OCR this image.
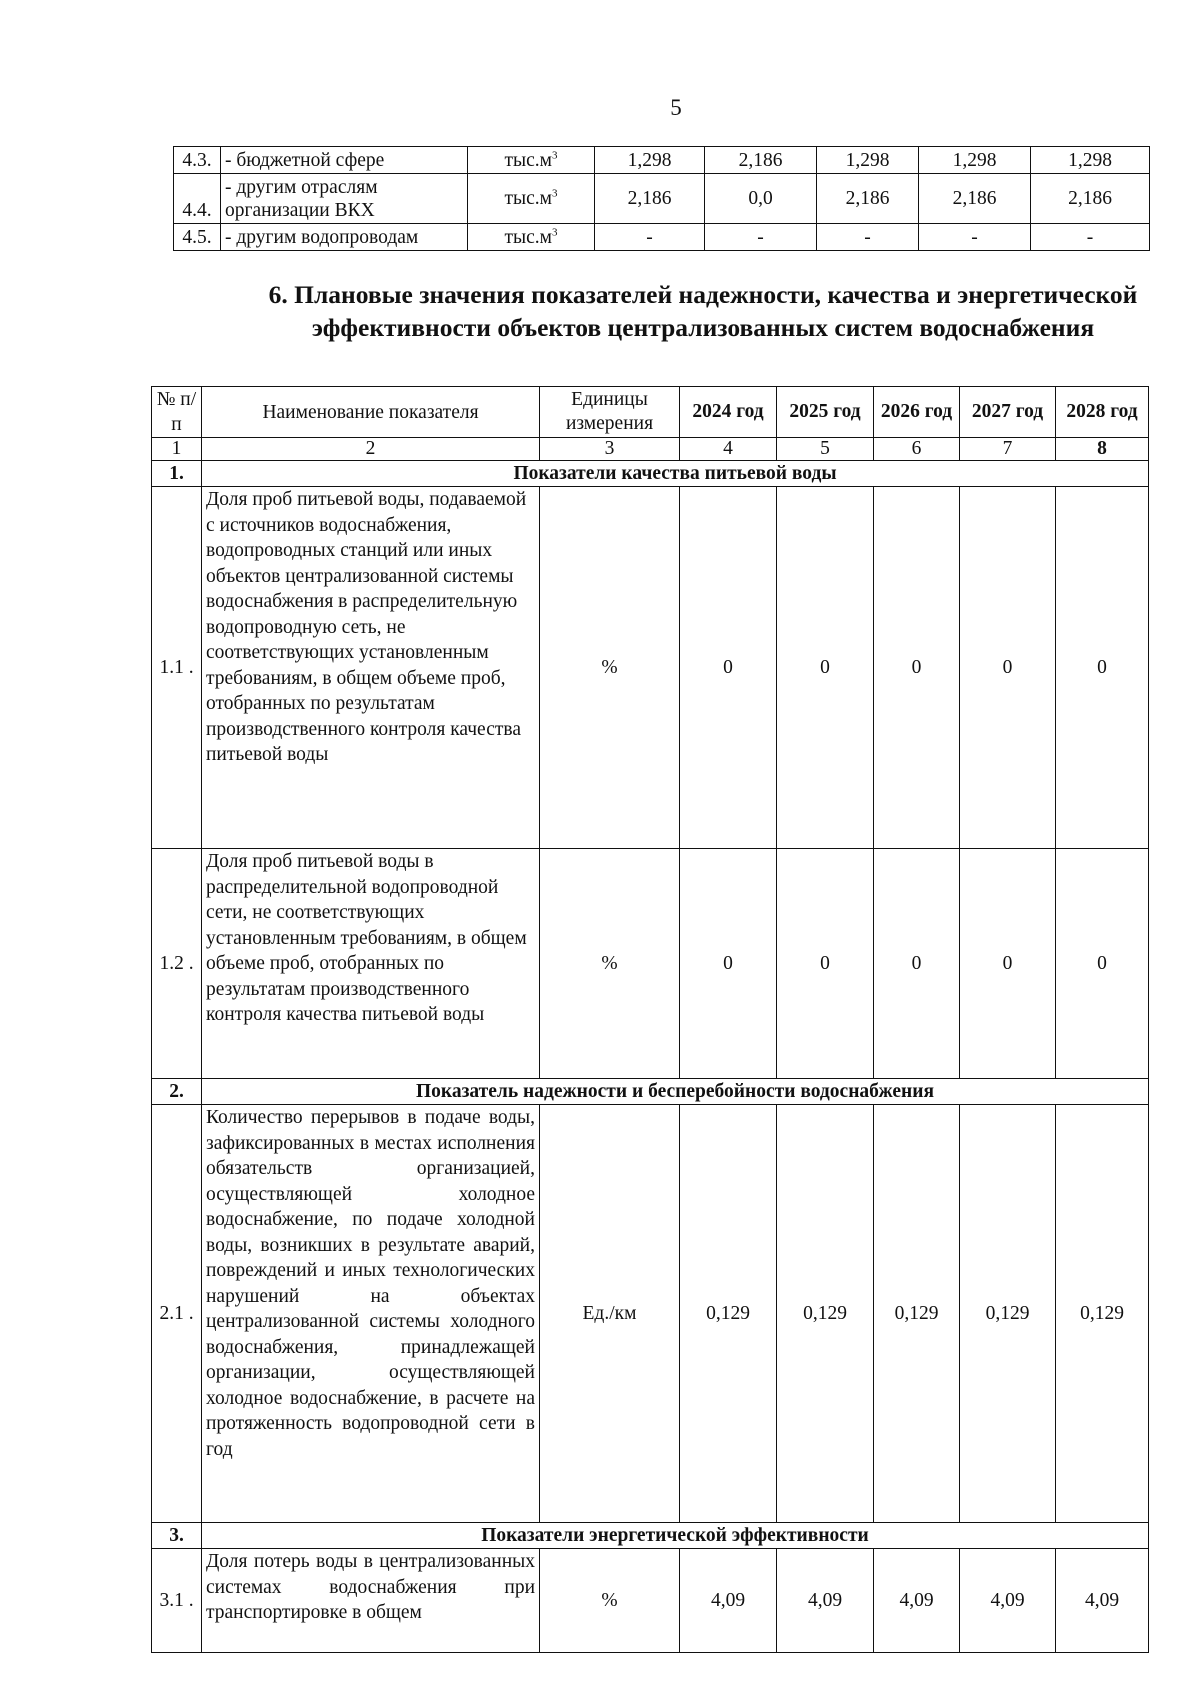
5
4.3.	- бюджетной сфере	$тыс.м^3$	1,298	2,186	1,298	1,298	1,298
4.4.	- другим отраслям организации ВКХ	$тыс.м^3$	2,186	0,0	2,186	2,186	2,186
4.5.	- другим водопроводам	$тыс.м^3$	-	-	-	-	-
6. Плановые значения показателей надежности, качества и энергетической эффективности объектов централизованных систем водоснабжения
№ п/п	Наименование показателя	Единицы измерения	2024 год	2025 год	2026 год	2027 год	2028 год
1	2	3	4	5	6	7	8
1.	Показатели качества питьевой воды						
1.1 .	Доля проб питьевой воды, подаваемой с источников водоснабжения, водопроводных станций или иных объектов централизованной системы водоснабжения в распределительную водопроводную сеть, не соответствующих установленным требованиям, в общем объеме проб, отобранных по результатам производственного контроля качества питьевой воды	%	0	0	0	0	0
1.2 .	Доля проб питьевой воды в распределительной водопроводной сети, не соответствующих установленным требованиям, в общем объеме проб, отобранных по результатам производственного контроля качества питьевой воды	%	0	0	0	0	0
2.	Показатель надежности и бесперебойности водоснабжения						
2.1 .	Количество перерывов в подаче воды, зафиксированных в местах исполнения обязательств организацией, осуществляющей холодное водоснабжение, по подаче холодной воды, возникших в результате аварий, повреждений и иных технологических нарушений на объектах централизованной системы холодного водоснабжения, принадлежащей организации, осуществляющей холодное водоснабжение, в расчете на протяженность водопроводной сети в год	Ед./км	0,129	0,129	0,129	0,129	0,129
3.	Показатели энергетической эффективности						
3.1 .	Доля потерь воды в централизованных системах водоснабжения при транспортировке в общем	%	4,09	4,09	4,09	4,09	4,09
